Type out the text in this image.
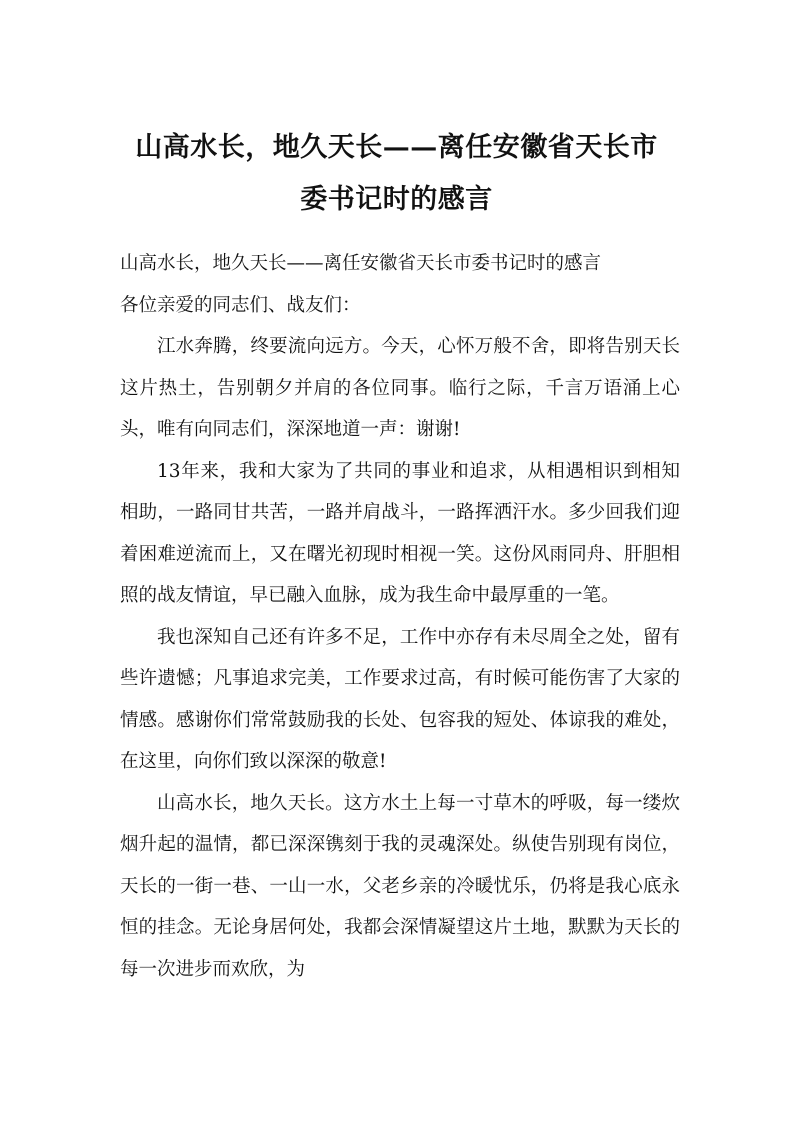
山高水长，地久天长——离任安徽省天长市
委书记时的感言

山高水长，地久天长——离任安徽省天长市委书记时的感言

各位亲爱的同志们、战友们：

江水奔腾，终要流向远方。今天，心怀万般不舍，即将告别天长这片热土，告别朝夕并肩的各位同事。临行之际，千言万语涌上心头，唯有向同志们，深深地道一声：谢谢!

13年来，我和大家为了共同的事业和追求，从相遇相识到相知相助，一路同甘共苦，一路并肩战斗，一路挥洒汗水。多少回我们迎着困难逆流而上，又在曙光初现时相视一笑。这份风雨同舟、肝胆相照的战友情谊，早已融入血脉，成为我生命中最厚重的一笔。

我也深知自己还有许多不足，工作中亦存有未尽周全之处，留有些许遗憾；凡事追求完美，工作要求过高，有时候可能伤害了大家的情感。感谢你们常常鼓励我的长处、包容我的短处、体谅我的难处，在这里，向你们致以深深的敬意!

山高水长，地久天长。这方水土上每一寸草木的呼吸，每一缕炊烟升起的温情，都已深深镌刻于我的灵魂深处。纵使告别现有岗位，天长的一街一巷、一山一水，父老乡亲的冷暖忧乐，仍将是我心底永恒的挂念。无论身居何处，我都会深情凝望这片土地，默默为天长的每一次进步而欢欣，为
